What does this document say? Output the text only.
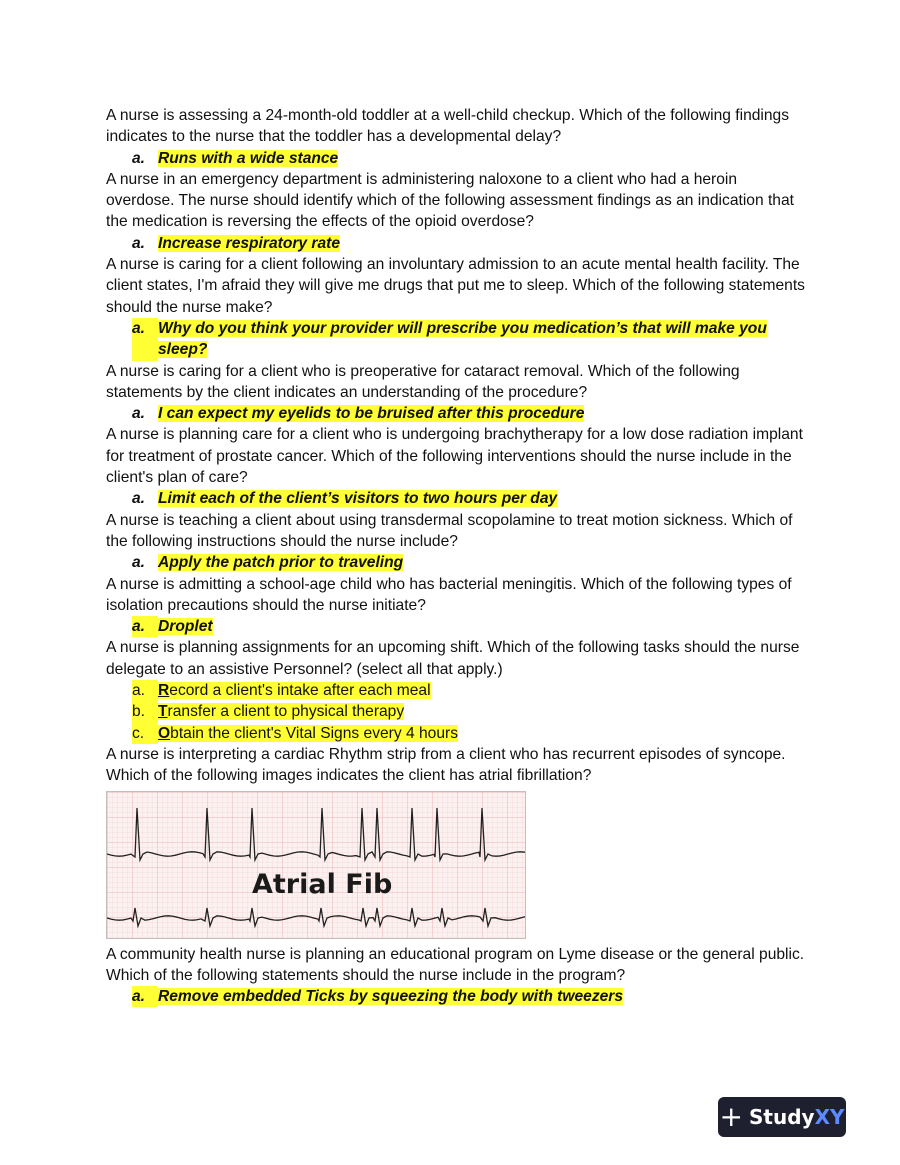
A nurse is assessing a 24-month-old toddler at a well-child checkup. Which of the following findings indicates to the nurse that the toddler has a developmental delay?

a. Runs with a wide stance

A nurse in an emergency department is administering naloxone to a client who had a heroin overdose. The nurse should identify which of the following assessment findings as an indication that the medication is reversing the effects of the opioid overdose?

a. Increase respiratory rate

A nurse is caring for a client following an involuntary admission to an acute mental health facility. The client states, I'm afraid they will give me drugs that put me to sleep. Which of the following statements should the nurse make?

a. Why do you think your provider will prescribe you medication’s that will make you sleep?

A nurse is caring for a client who is preoperative for cataract removal. Which of the following statements by the client indicates an understanding of the procedure?

a. I can expect my eyelids to be bruised after this procedure

A nurse is planning care for a client who is undergoing brachytherapy for a low dose radiation implant for treatment of prostate cancer. Which of the following interventions should the nurse include in the client's plan of care?

a. Limit each of the client’s visitors to two hours per day

A nurse is teaching a client about using transdermal scopolamine to treat motion sickness. Which of the following instructions should the nurse include?

a. Apply the patch prior to traveling

A nurse is admitting a school-age child who has bacterial meningitis. Which of the following types of isolation precautions should the nurse initiate?

a. Droplet

A nurse is planning assignments for an upcoming shift. Which of the following tasks should the nurse delegate to an assistive Personnel? (select all that apply.)

a. Record a client's intake after each meal
b. Transfer a client to physical therapy
c. Obtain the client's Vital Signs every 4 hours

A nurse is interpreting a cardiac Rhythm strip from a client who has recurrent episodes of syncope. Which of the following images indicates the client has atrial fibrillation?

Atrial Fib

A community health nurse is planning an educational program on Lyme disease or the general public. Which of the following statements should the nurse include in the program?

a. Remove embedded Ticks by squeezing the body with tweezers
+ Study XY
